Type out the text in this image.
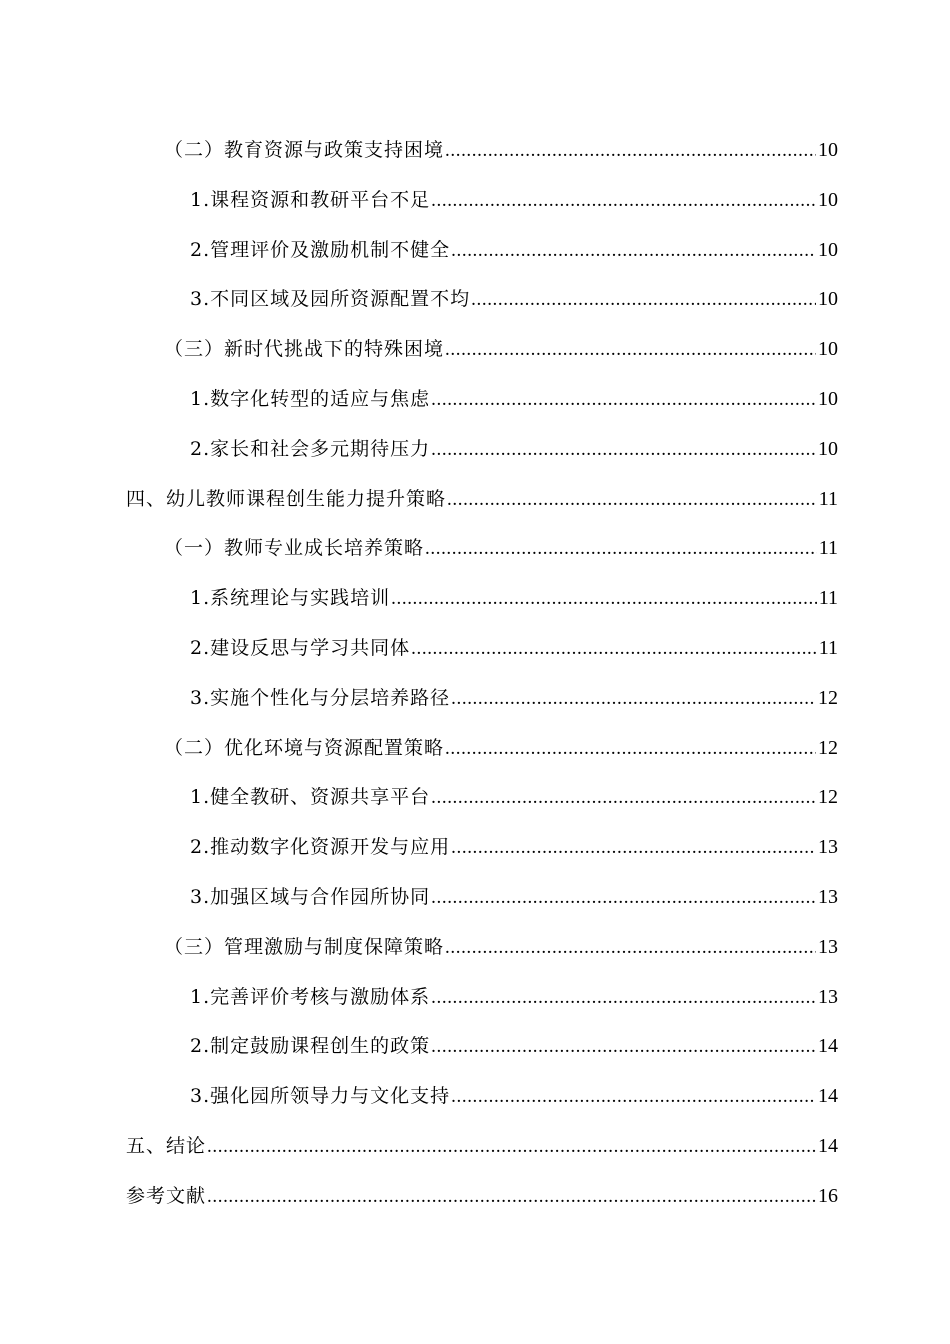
（二）教育资源与政策支持困境 .....	10
1.课程资源和教研平台不足 .....	10
2.管理评价及激励机制不健全 .....	10
3.不同区域及园所资源配置不均 .....	10
（三）新时代挑战下的特殊困境 .....	10
1.数字化转型的适应与焦虑 .....	10
2.家长和社会多元期待压力 .....	10
四、幼儿教师课程创生能力提升策略 .....	11
（一）教师专业成长培养策略 .....	11
1.系统理论与实践培训 .....	11
2.建设反思与学习共同体 .....	11
3.实施个性化与分层培养路径 .....	12
（二）优化环境与资源配置策略 .....	12
1.健全教研、资源共享平台 .....	12
2.推动数字化资源开发与应用 .....	13
3.加强区域与合作园所协同 .....	13
（三）管理激励与制度保障策略 .....	13
1.完善评价考核与激励体系 .....	13
2.制定鼓励课程创生的政策 .....	14
3.强化园所领导力与文化支持 .....	14
五、结论 .....	14
参考文献 .....	16
